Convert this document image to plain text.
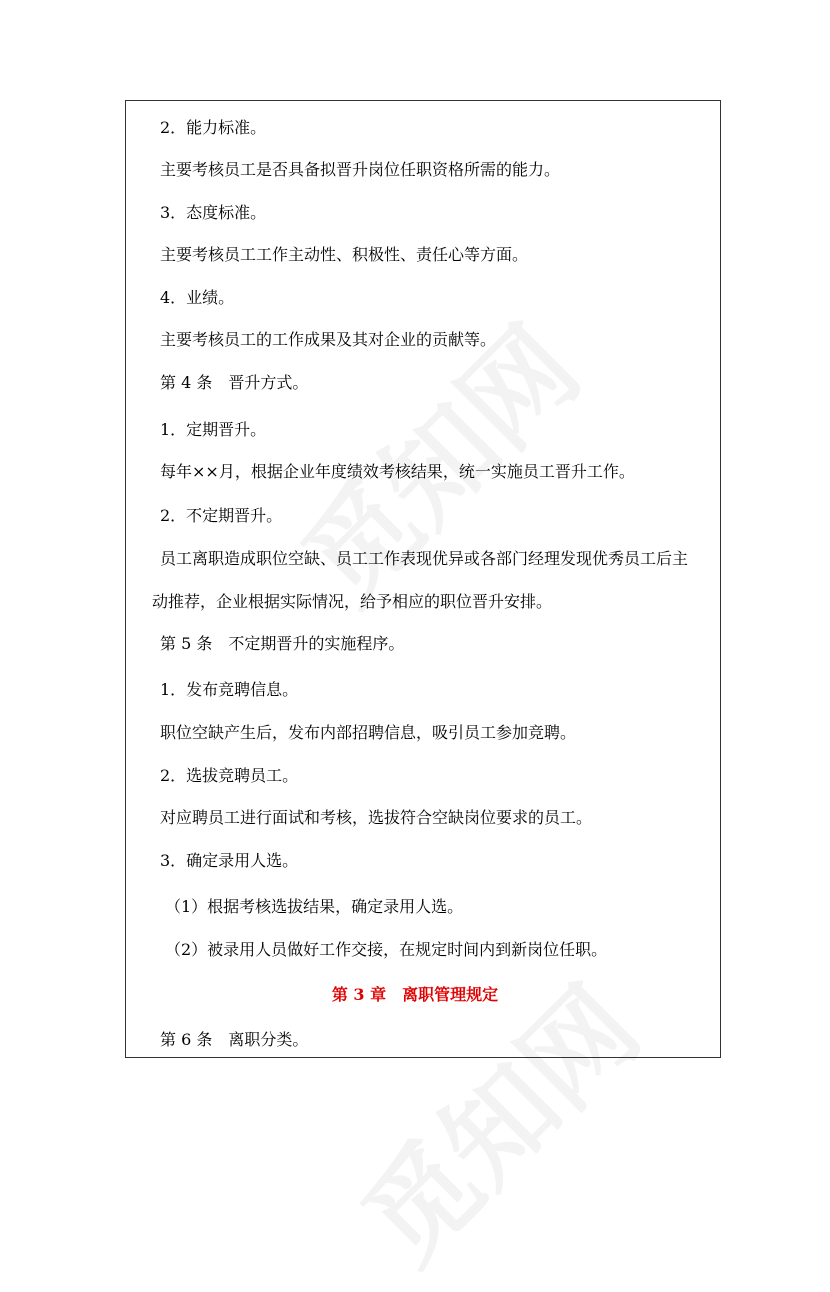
2．能力标准。
主要考核员工是否具备拟晋升岗位任职资格所需的能力。
3．态度标准。
主要考核员工工作主动性、积极性、责任心等方面。
4．业绩。
主要考核员工的工作成果及其对企业的贡献等。
第 4 条　晋升方式。
1．定期晋升。
每年××月，根据企业年度绩效考核结果，统一实施员工晋升工作。
2．不定期晋升。
员工离职造成职位空缺、员工工作表现优异或各部门经理发现优秀员工后主
动推荐，企业根据实际情况，给予相应的职位晋升安排。
第 5 条　不定期晋升的实施程序。
1．发布竞聘信息。
职位空缺产生后，发布内部招聘信息，吸引员工参加竞聘。
2．选拔竞聘员工。
对应聘员工进行面试和考核，选拔符合空缺岗位要求的员工。
3．确定录用人选。
（1）根据考核选拔结果，确定录用人选。
（2）被录用人员做好工作交接，在规定时间内到新岗位任职。
第 3 章　离职管理规定
第 6 条　离职分类。
